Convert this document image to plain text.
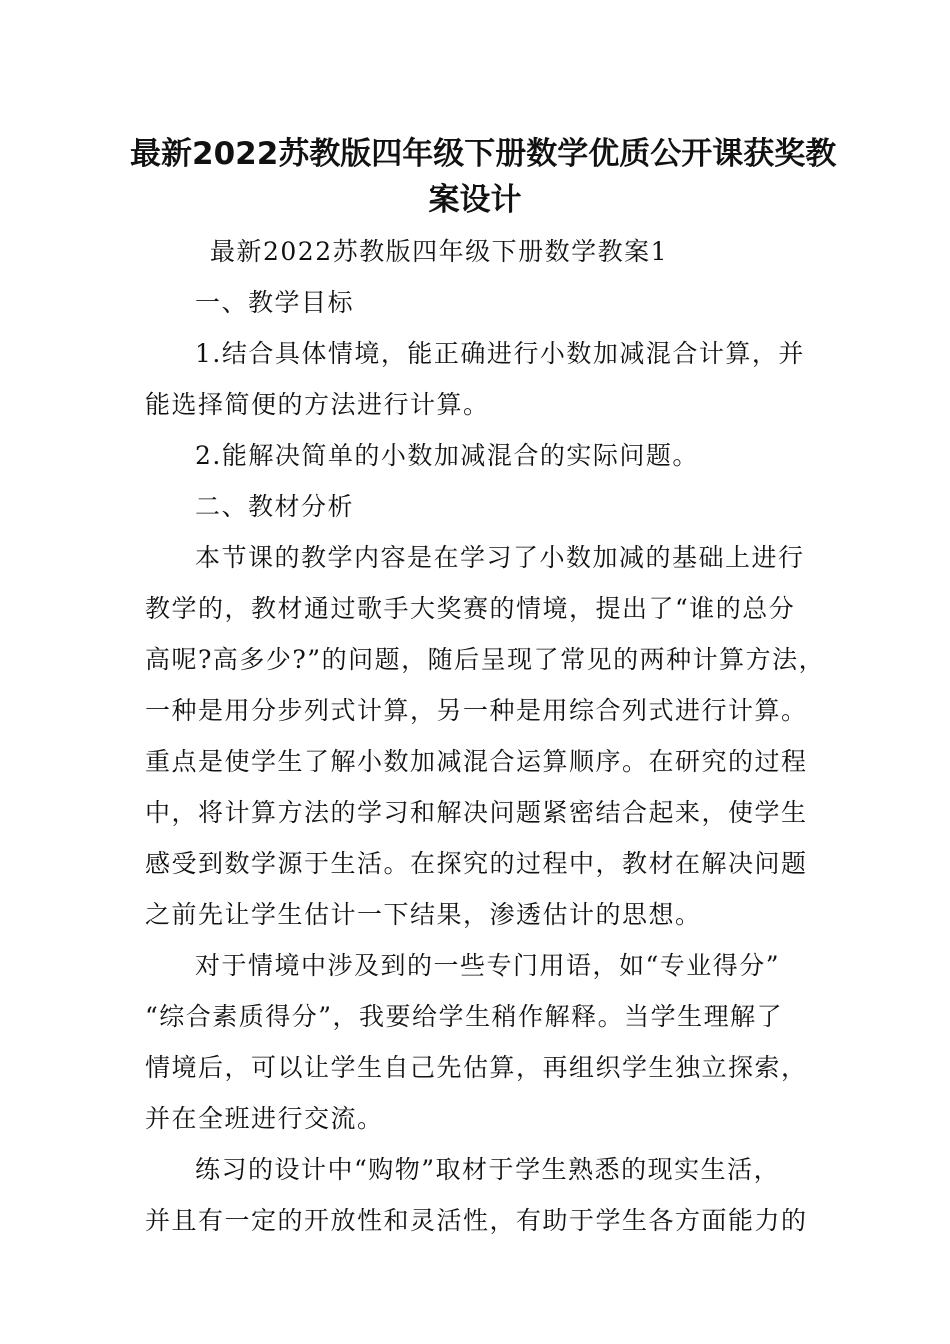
最新2022苏教版四年级下册数学优质公开课获奖教
案设计

最新2022苏教版四年级下册数学教案1

一、教学目标

1.结合具体情境，能正确进行小数加减混合计算，并
能选择简便的方法进行计算。

2.能解决简单的小数加减混合的实际问题。

二、教材分析

本节课的教学内容是在学习了小数加减的基础上进行
教学的，教材通过歌手大奖赛的情境，提出了“谁的总分
高呢?高多少?”的问题，随后呈现了常见的两种计算方法，
一种是用分步列式计算，另一种是用综合列式进行计算。
重点是使学生了解小数加减混合运算顺序。在研究的过程
中，将计算方法的学习和解决问题紧密结合起来，使学生
感受到数学源于生活。在探究的过程中，教材在解决问题
之前先让学生估计一下结果，渗透估计的思想。

对于情境中涉及到的一些专门用语，如“专业得分”
“综合素质得分”，我要给学生稍作解释。当学生理解了
情境后，可以让学生自己先估算，再组织学生独立探索，
并在全班进行交流。

练习的设计中“购物”取材于学生熟悉的现实生活，
并且有一定的开放性和灵活性，有助于学生各方面能力的
